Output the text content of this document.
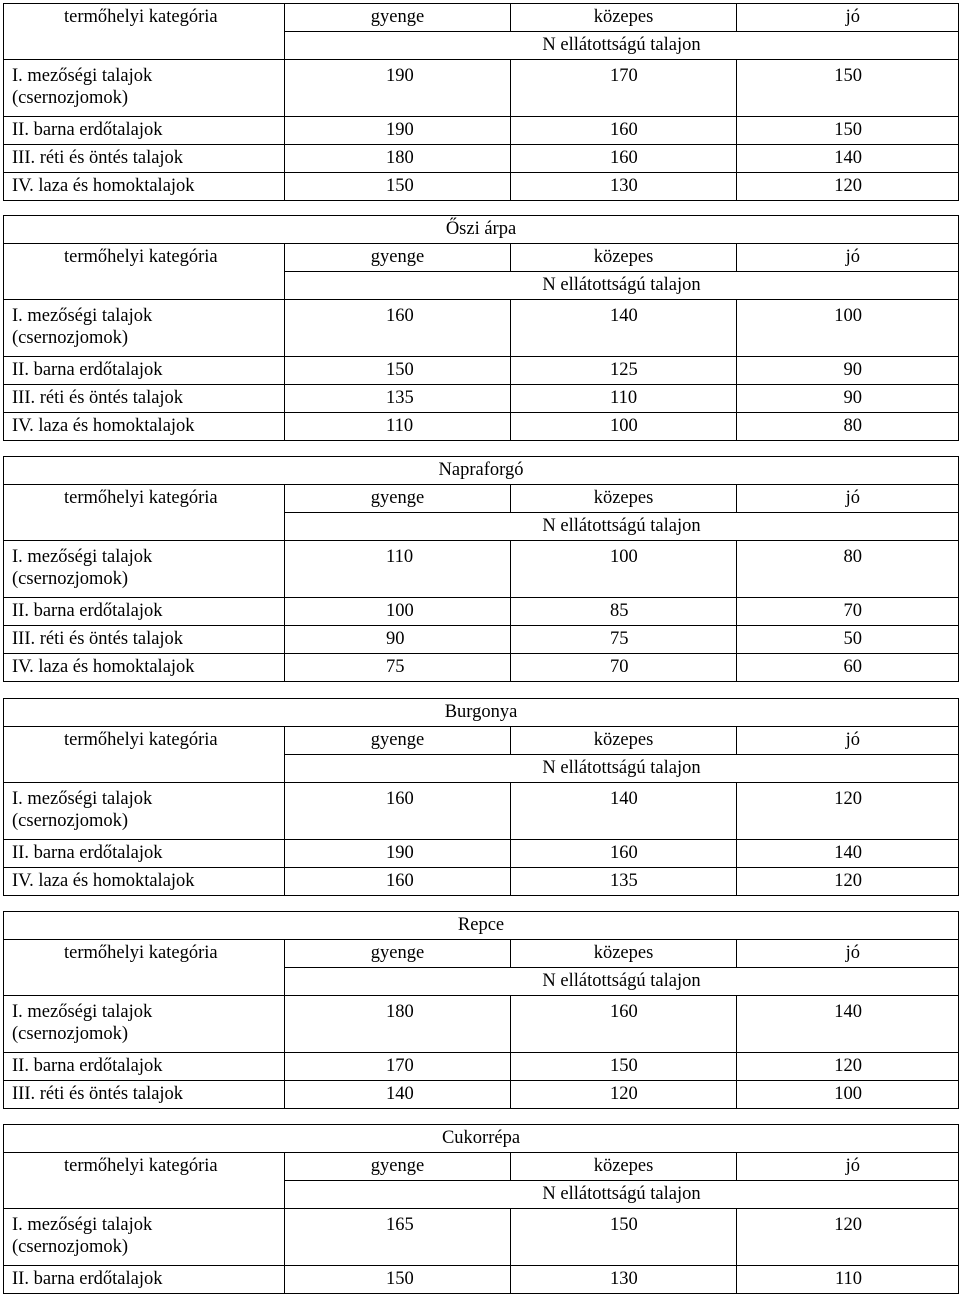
termőhelyi kategória	gyenge	közepes	jó
	N ellátottságú talajon		

I. mezőségi talajok
(csernozjomok)	190	170	150
II. barna erdőtalajok	190	160	150
III. réti és öntés talajok	180	160	140
IV. laza és homoktalajok	150	130	120
Őszi árpa			
termőhelyi kategória	gyenge	közepes	jó
	N ellátottságú talajon		

I. mezőségi talajok
(csernozjomok)	160	140	100
II. barna erdőtalajok	150	125	90
III. réti és öntés talajok	135	110	90
IV. laza és homoktalajok	110	100	80
Napraforgó			
termőhelyi kategória	gyenge	közepes	jó
	N ellátottságú talajon		

I. mezőségi talajok
(csernozjomok)	110	100	80
II. barna erdőtalajok	100	85	70
III. réti és öntés talajok	90	75	50
IV. laza és homoktalajok	75	70	60
Burgonya			
termőhelyi kategória	gyenge	közepes	jó
	N ellátottságú talajon		

I. mezőségi talajok
(csernozjomok)	160	140	120
II. barna erdőtalajok	190	160	140
IV. laza és homoktalajok	160	135	120
Repce			
termőhelyi kategória	gyenge	közepes	jó
	N ellátottságú talajon		

I. mezőségi talajok
(csernozjomok)	180	160	140
II. barna erdőtalajok	170	150	120
III. réti és öntés talajok	140	120	100
Cukorrépa			
termőhelyi kategória	gyenge	közepes	jó
	N ellátottságú talajon		

I. mezőségi talajok
(csernozjomok)	165	150	120
II. barna erdőtalajok	150	130	110
